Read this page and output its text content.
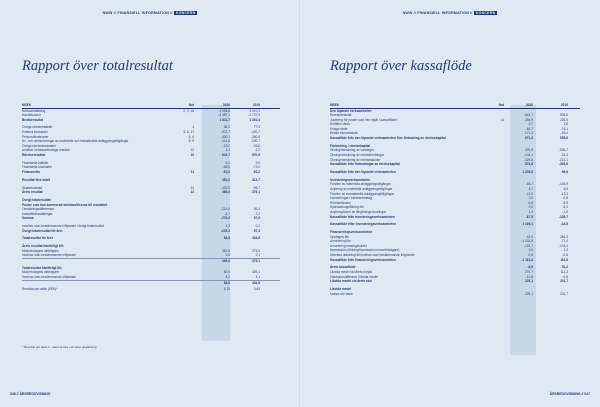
NWW // FINANSIELL INFORMATION // KONCERN
Rapport över totalresultat
MSEK	Not	2020	2019
Nettoomsättning	2, 3, 18	4 098,8	4 010,3
Handelsvaror	-2 487,1	-2 707,9
Bruttoresultat	1 611,7	1 302,4
Övriga rörelseintäkter	4	36,2	77,9
Externa kostnader	5, 6, 17	-472,7	-420,7
Personalkostnader	6, 6	-400,1	-260,6
Av- och nedskrivningar av materiella och immateriella anläggningstillgångar	8, 9	-114,6	-100,7
Övriga rörelsekostnader	-18,2	-26,6
Andelar i intresseföretags resultat	12	1,4	-1,2
Rörelseresultat	10	643,7	570,5
Finansiella intäkter	6,1	9,9
Finansiella kostnader	-68,8	-72,0
Finansnetto	11	-61,9	-62,2
Resultat före skatt	481,0	414,7
Skattekostnad	12	-115,0	-95,7
Årets resultat	13	366,0	379,1
Övrigt totalresultat
Poster som kan komma att omklassificeras till resultatet
Omräkningsdifferenser	-214,5	59,4
Kassaflödessäkringar	-4,7	-7,2
Summa	-279,3	57,5
Innehav utan bestämmande inflytande i övrigt totalresultat	1,3	0,2
Övrigt totalresultat för året	-278,2	57,3
Totalresultat för året	84,8	434,8
Årets resultat hänförligt till:
Moderbolagets aktieägare	361,5	373,0
Innehav utan bestämmande inflytande	1,5	2,1
363,0	375,1
Totalresultat hänförligt till:
Moderbolagets aktieägare	80,9	429,1
Innehav utan bestämmande inflytande	4,2	4,1
84,8	434,8
Resultat per aktie (SEK)*	5,15	5,63
* Resultat per aktie 1 - samma före och efter utspädning.
046 // ÅRSREDOVISNING
NWW // FINANSIELL INFORMATION // KONCERN
Rapport över kassaflöde
MSEK	Not	2020	2019
Den löpande verksamheten
Rörelseresultat	643,7	535,8
Justering för poster som inte ingår i kassaflödet	14	264,9	226,5
Erhållen ränta	0,7	2,8
Erlagd ränta	-66,7	-76,1
Betald inkomstskatt	-171,3	-93,4
Kassaflöde från den löpande verksamheten före förändring av rörelsekapital	671,3	595,6
Förändring i rörelsekapital
Ökning/minskning av varulager	476,9	-535,7
Ökning/minskning av rörelsefordringar	-134,1	-31,4
Ökning/minskning av rörelseskulder	-429,5	-213,1
Kassaflöde från förändringar av rörelsekapital	574,8	-303,6
Kassaflöde från den löpande verksamheten	1 236,5	99,6
Investeringsverksamheten
Förvärv av materiella anläggningstillgångar	-66,7	-104,9
Avyttring av materiella anläggningstillgångar	4,7	6,9
Förvärv av immateriella anläggningstillgångar	-11,0	-13,3
Investeringar i intresseföretag	0,0	-0,8
Rörelseförvärv	-0,6	-8,9
Spärrade/upplåtning lån	0,0	-6,0
Avyttring/lösen av långfristiga fordringar	1,3	-1,6
Kassaflöde från investeringsverksamheten	-67,5	-135,7
Kassaflöde efter investeringsverksamheten	1 169,1	-34,5
Finansieringsverksamheten
Upptagna lån	43,9	284,3
Amortering lån	-1 031,8	-71,4
Amortering leasingskulder	-124,7	-103,4
Nyemission (riktning/nyemission minoritetsägare)	0,0	1,3
Utbetald utdelning till innehav utan bestämmande inflytande	-0,6	-0,6
Kassaflöde från finansieringsverksamheten	-1 113,4	110,6
Årets kassaflöde	-6,8	91,2
Likvida medel vid årets början	201,7	111,3
Valutakursdifferens i likvida medel	-10,8	-0,8
Likvida medel vid årets slut	225,1	201,7
Likvida medel
Kassa och bank	225,1	201,7
ÅRSREDOVISNING // 047
